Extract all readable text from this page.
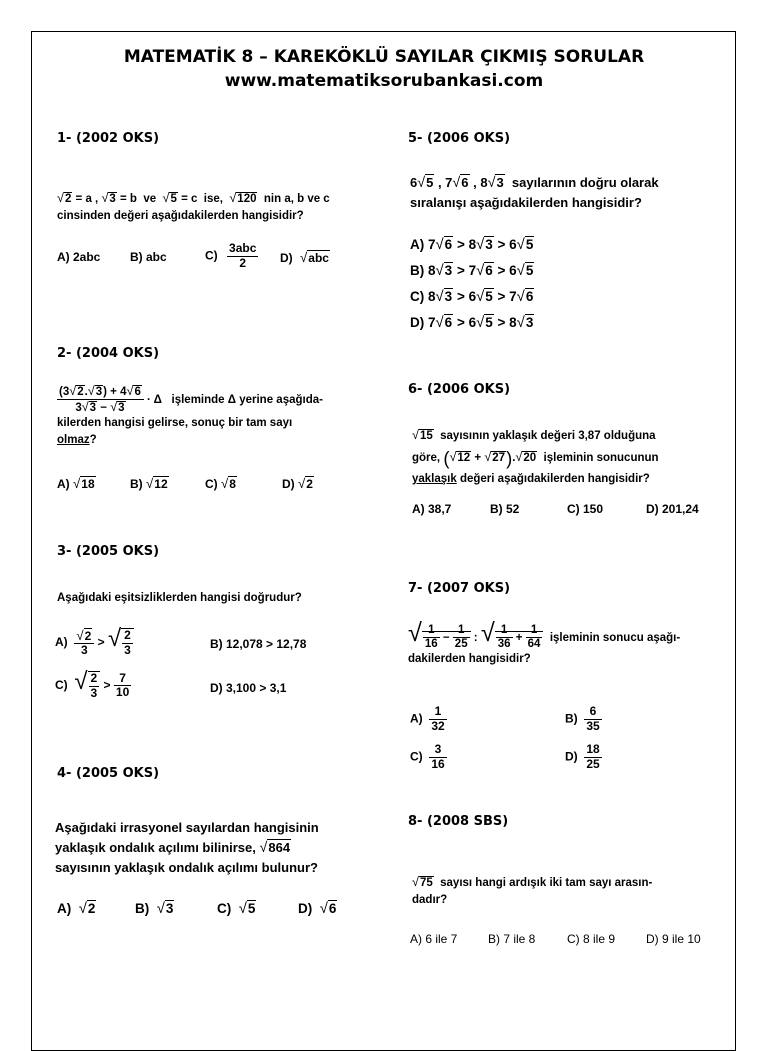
MATEMATİK 8 – KAREKÖKLÜ SAYILAR ÇIKMIŞ SORULAR
www.matematiksorubankasi.com
1- (2002 OKS)
√2 = a , √3 = b  ve  √5 = c  ise,  √120  nin a, b ve c
cinsinden değeri aşağıdakilerden hangisidir?
A) 2abc B) abc	$C) \frac{\text{3abc}}{2} D$) √abc
2- (2004 OKS)
$\frac{(3√2.√3) + 4√6}{3√3 - √3} \cdot \Delta$   işleminde Δ yerine aşağıda-
kilerden hangisi gelirse, sonuç bir tam sayı
olmaz?
A) √18	B) √12	C) √8	D) √2
3- (2005 OKS)
Aşağıdaki eşitsizliklerden hangisi doğrudur?
$A) \frac{√2}{3}$ > √ $\frac{2}{3}$	B) 12,078 > 12,78
C)  √ $\frac{2}{3} > \frac{7}{10}$	D) 3,100 > 3,1
4- (2005 OKS)
Aşağıdaki irrasyonel sayılardan hangisinin
yaklaşık ondalık açılımı bilinirse, √864
sayısının yaklaşık ondalık açılımı bulunur?
A)  √2	B)  √3	C)  √5	D)  √6
5- (2006 OKS)
6√5 , 7√6 , 8√3 sayılarının doğru olarak
sıralanışı aşağıdakilerden hangisidir?
A) 7√6 > 8√3 > 6√5
B) 8√3 > 7√6 > 6√5
C) 8√3 > 6√5 > 7√6
D) 7√6 > 6√5 > 8√3
6- (2006 OKS)
√15 sayısının yaklaşık değeri 3,87 olduğuna
göre, (√12 + √27).√20 işleminin sonucunun
yaklaşık değeri aşağıdakilerden hangisidir?
A) 38,7	B) 52	C) 150	D) 201,24
7- (2007 OKS)
√ $\frac{1}{16} - \frac{1}{25}$ : √ $\frac{1}{36} + \frac{1}{64}$ işleminin sonucu aşağı-
dakilerden hangisidir?
$A) \frac{1}{32}$	$B) \frac{6}{35}$
$C) \frac{3}{16}$	$D) \frac{18}{25}$
8- (2008 SBS)
√75 sayısı hangi ardışık iki tam sayı arasın-
dadır?
A) 6 ile 7	B) 7 ile 8	C) 8 ile 9	D) 9 ile 10
